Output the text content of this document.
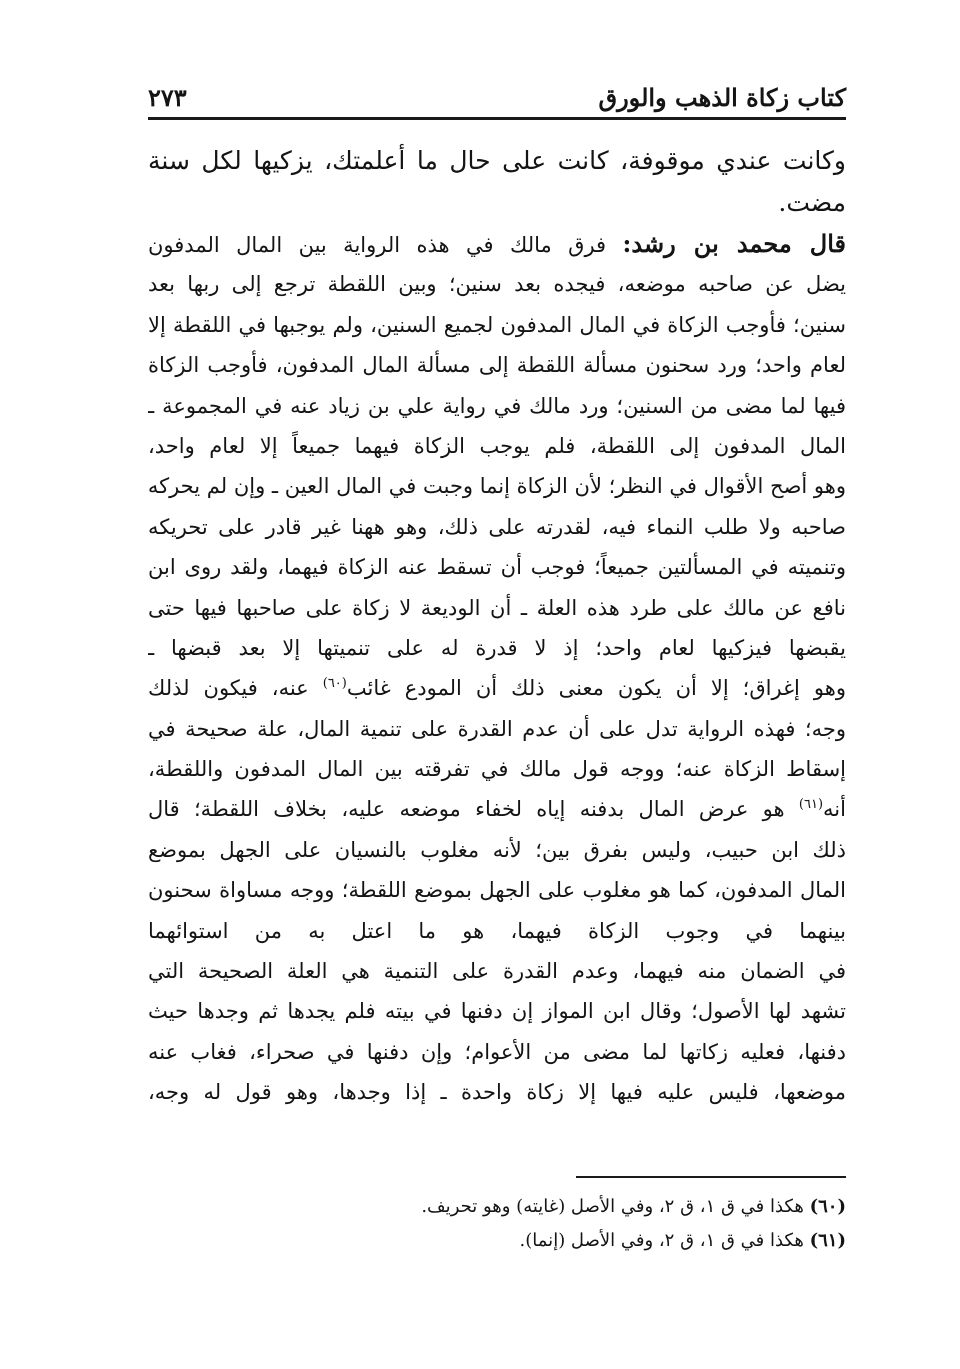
كتاب زكاة الذهب والورق
٢٧٣
وكانت عندي موقوفة، كانت على حال ما أعلمتك، يزكيها لكل سنة
مضت.
قال محمد بن رشد: فرق مالك في هذه الرواية بين المال المدفون
يضل عن صاحبه موضعه، فيجده بعد سنين؛ وبين اللقطة ترجع إلى ربها بعد
سنين؛ فأوجب الزكاة في المال المدفون لجميع السنين، ولم يوجبها في اللقطة إلا
لعام واحد؛ ورد سحنون مسألة اللقطة إلى مسألة المال المدفون، فأوجب الزكاة
فيها لما مضى من السنين؛ ورد مالك في رواية علي بن زياد عنه في المجموعة ـ
المال المدفون إلى اللقطة، فلم يوجب الزكاة فيهما جميعاً إلا لعام واحد،
وهو أصح الأقوال في النظر؛ لأن الزكاة إنما وجبت في المال العين ـ وإن لم يحركه
صاحبه ولا طلب النماء فيه، لقدرته على ذلك، وهو ههنا غير قادر على تحريكه
وتنميته في المسألتين جميعاً؛ فوجب أن تسقط عنه الزكاة فيهما، ولقد روى ابن
نافع عن مالك على طرد هذه العلة ـ أن الوديعة لا زكاة على صاحبها فيها حتى
يقبضها فيزكيها لعام واحد؛ إذ لا قدرة له على تنميتها إلا بعد قبضها ـ
وهو إغراق؛ إلا أن يكون معنى ذلك أن المودع غائب$^{(٦٠)}$ عنه، فيكون لذلك
وجه؛ فهذه الرواية تدل على أن عدم القدرة على تنمية المال، علة صحيحة في
إسقاط الزكاة عنه؛ ووجه قول مالك في تفرقته بين المال المدفون واللقطة،
أنه$^{(٦١)}$ هو عرض المال بدفنه إياه لخفاء موضعه عليه، بخلاف اللقطة؛ قال
ذلك ابن حبيب، وليس بفرق بين؛ لأنه مغلوب بالنسيان على الجهل بموضع
المال المدفون، كما هو مغلوب على الجهل بموضع اللقطة؛ ووجه مساواة سحنون
بينهما في وجوب الزكاة فيهما، هو ما اعتل به من استوائهما
في الضمان منه فيهما، وعدم القدرة على التنمية هي العلة الصحيحة التي
تشهد لها الأصول؛ وقال ابن المواز إن دفنها في بيته فلم يجدها ثم وجدها حيث
دفنها، فعليه زكاتها لما مضى من الأعوام؛ وإن دفنها في صحراء، فغاب عنه
موضعها، فليس عليه فيها إلا زكاة واحدة ـ إذا وجدها، وهو قول له وجه،
(٦٠) هكذا في ق ١، ق ٢، وفي الأصل (غايته) وهو تحريف.
(٦١) هكذا في ق ١، ق ٢، وفي الأصل (إنما).
